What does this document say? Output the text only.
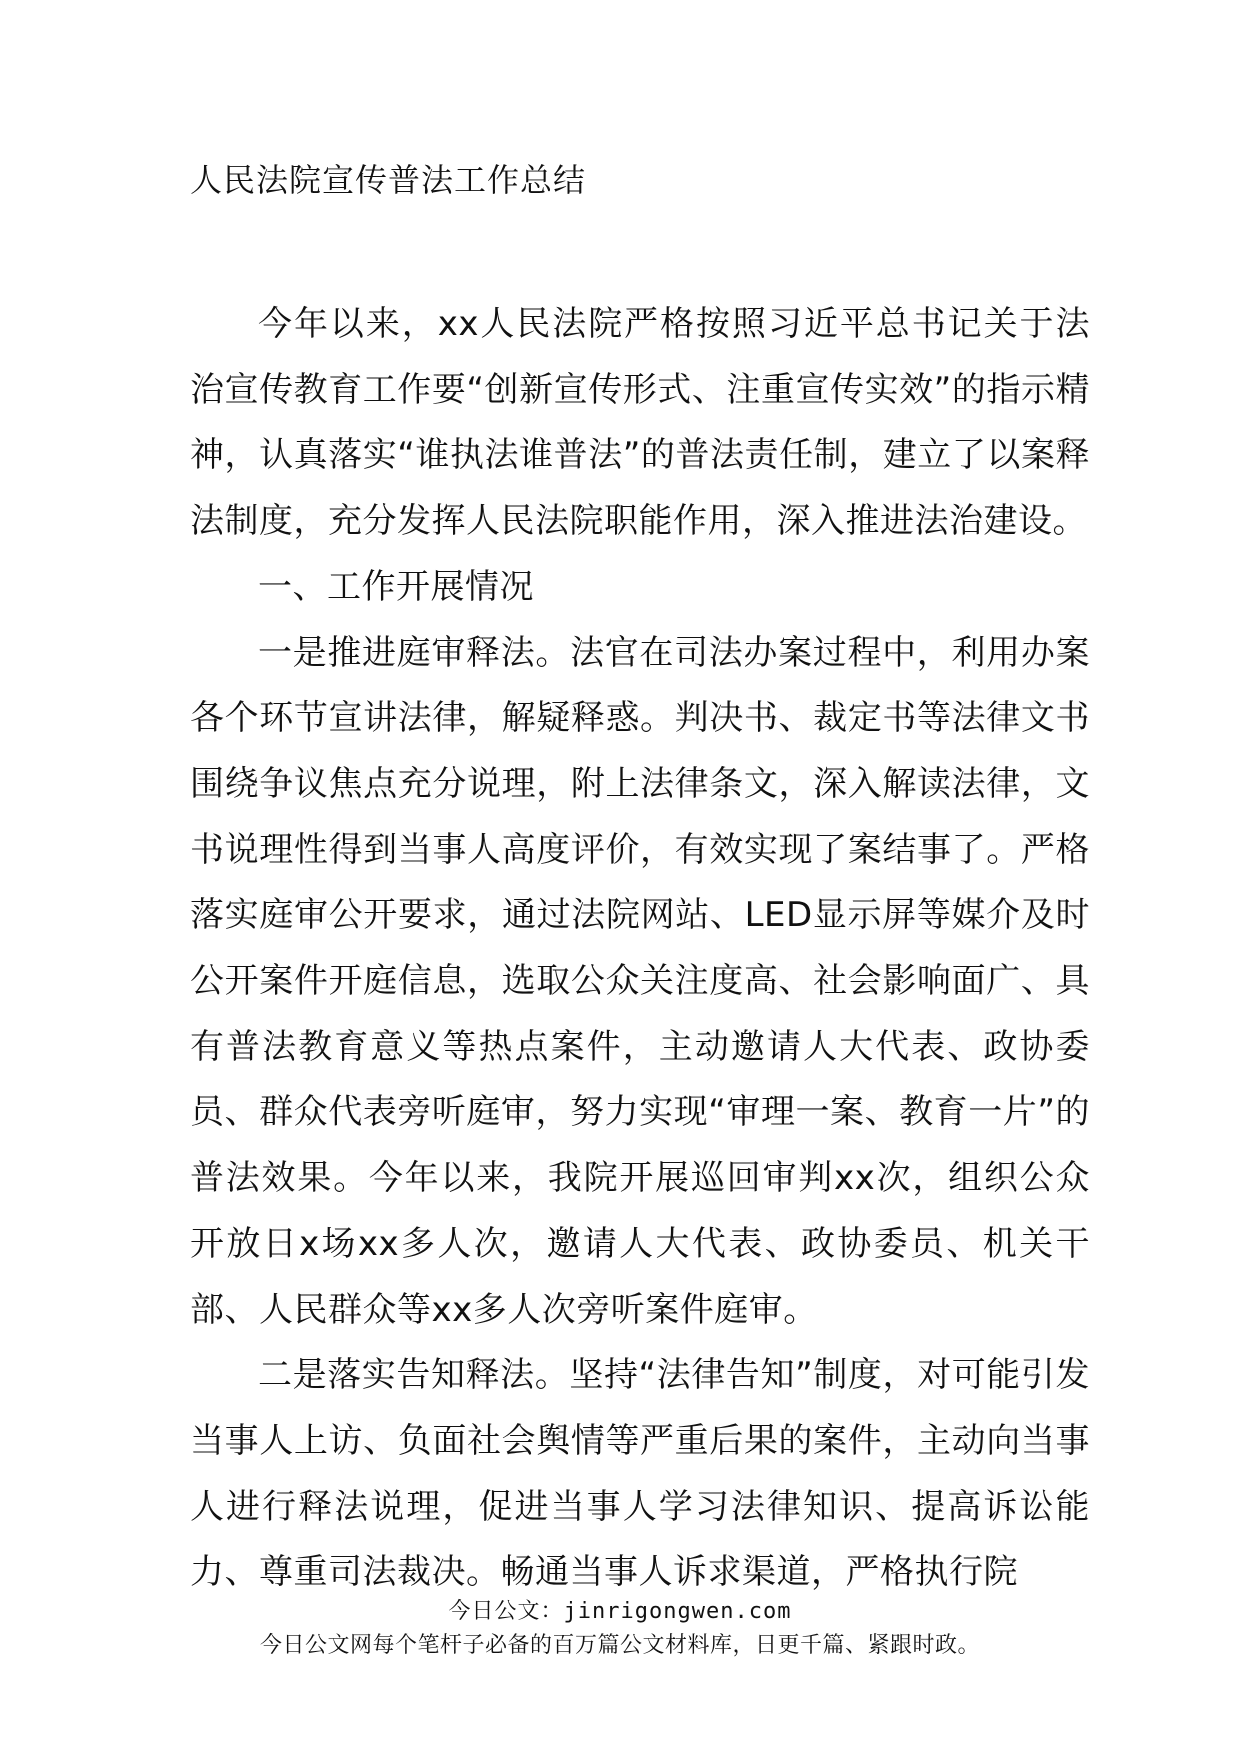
人民法院宣传普法工作总结

今年以来，xx人民法院严格按照习近平总书记关于法治宣传教育工作要“创新宣传形式、注重宣传实效”的指示精神，认真落实“谁执法谁普法”的普法责任制，建立了以案释法制度，充分发挥人民法院职能作用，深入推进法治建设。

一、工作开展情况

一是推进庭审释法。法官在司法办案过程中，利用办案各个环节宣讲法律，解疑释惑。判决书、裁定书等法律文书围绕争议焦点充分说理，附上法律条文，深入解读法律，文书说理性得到当事人高度评价，有效实现了案结事了。严格落实庭审公开要求，通过法院网站、LED显示屏等媒介及时公开案件开庭信息，选取公众关注度高、社会影响面广、具有普法教育意义等热点案件，主动邀请人大代表、政协委员、群众代表旁听庭审，努力实现“审理一案、教育一片”的普法效果。今年以来，我院开展巡回审判xx次，组织公众开放日x场xx多人次，邀请人大代表、政协委员、机关干部、人民群众等xx多人次旁听案件庭审。

二是落实告知释法。坚持“法律告知”制度，对可能引发当事人上访、负面社会舆情等严重后果的案件，主动向当事人进行释法说理，促进当事人学习法律知识、提高诉讼能力、尊重司法裁决。畅通当事人诉求渠道，严格执行院

今日公文：jinrigongwen.com
今日公文网每个笔杆子必备的百万篇公文材料库，日更千篇、紧跟时政。
